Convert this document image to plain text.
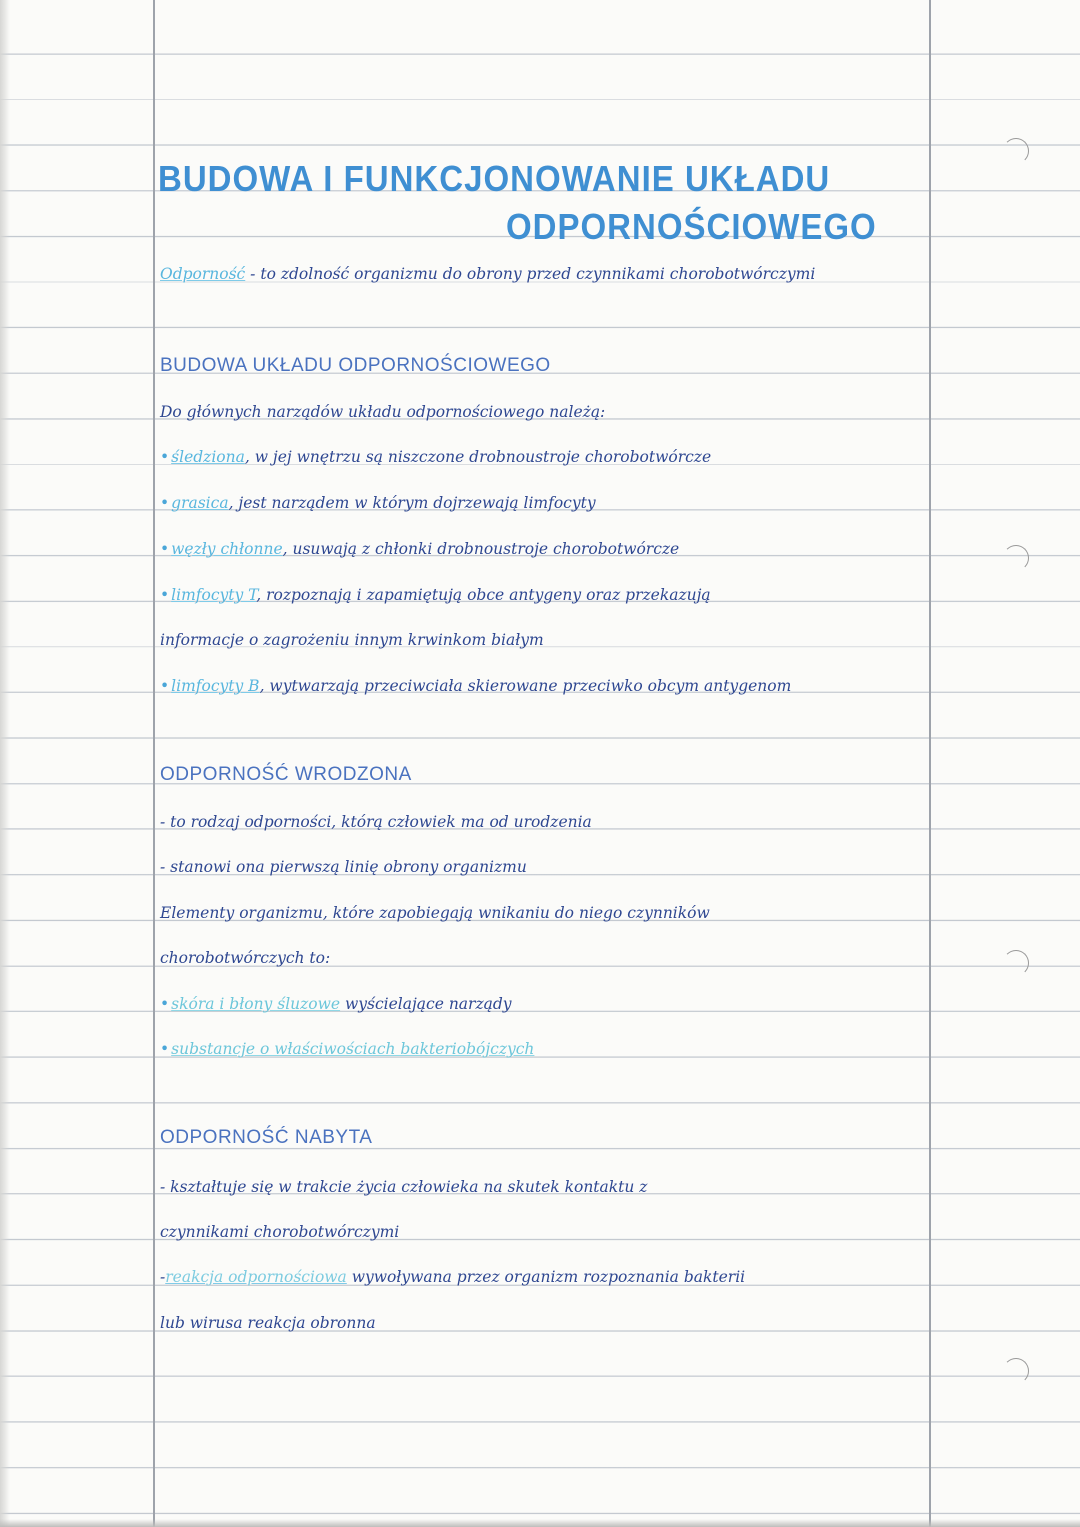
BUDOWA I FUNKCJONOWANIE UKŁADU
ODPORNOŚCIOWEGO
Odporność - to zdolność organizmu do obrony przed czynnikami chorobotwórczymi
BUDOWA UKŁADU ODPORNOŚCIOWEGO
Do głównych narządów układu odpornościowego należą:
• śledziona, w jej wnętrzu są niszczone drobnoustroje chorobotwórcze
• grasica, jest narządem w którym dojrzewają limfocyty
• węzły chłonne, usuwają z chłonki drobnoustroje chorobotwórcze
• limfocyty T, rozpoznają i zapamiętują obce antygeny oraz przekazują
informacje o zagrożeniu innym krwinkom białym
• limfocyty B, wytwarzają przeciwciała skierowane przeciwko obcym antygenom
ODPORNOŚĆ WRODZONA
- to rodzaj odporności, którą człowiek ma od urodzenia
- stanowi ona pierwszą linię obrony organizmu
Elementy organizmu, które zapobiegają wnikaniu do niego czynników
chorobotwórczych to:
• skóra i błony śluzowe wyścielające narządy
• substancje o właściwościach bakteriobójczych
ODPORNOŚĆ NABYTA
- kształtuje się w trakcie życia człowieka na skutek kontaktu z
czynnikami chorobotwórczymi
-reakcja odpornościowa wywoływana przez organizm rozpoznania bakterii
lub wirusa reakcja obronna
